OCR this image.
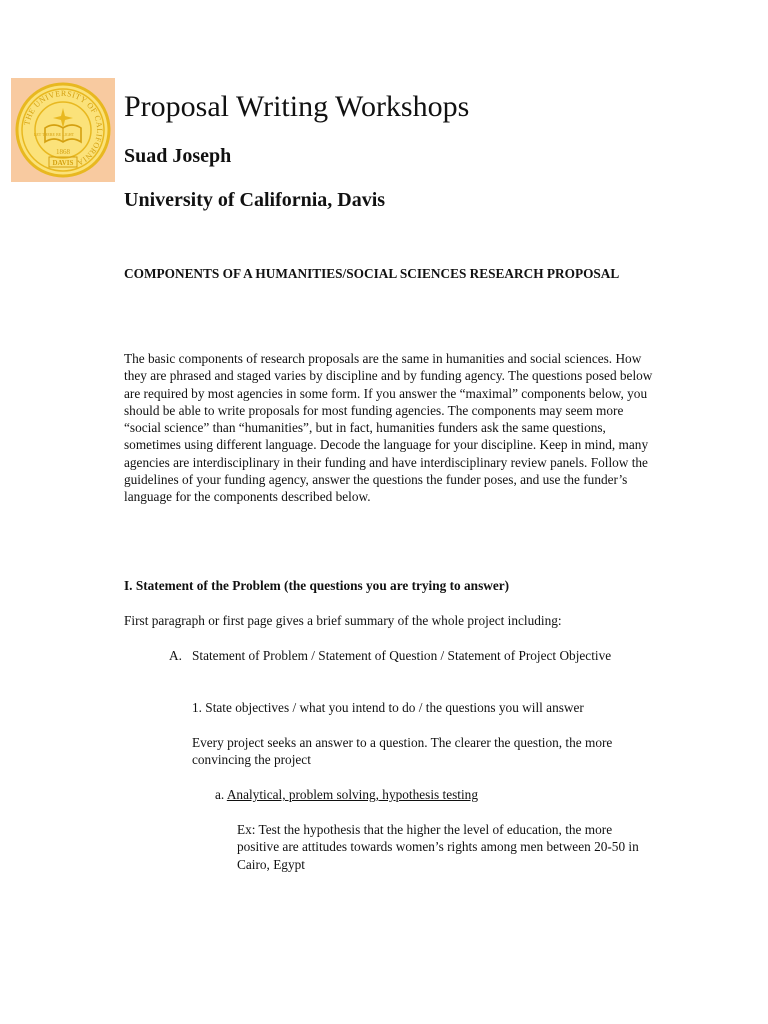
THE UNIVERSITY OF CALIFORNIA
LET THERE BE LIGHT
1868
DAVIS
Proposal Writing Workshops
Suad Joseph
University of California, Davis
COMPONENTS OF A HUMANITIES/SOCIAL SCIENCES RESEARCH PROPOSAL
The basic components of research proposals are the same in humanities and social sciences. How they are phrased and staged varies by discipline and by funding agency. The questions posed below are required by most agencies in some form. If you answer the “maximal” components below, you should be able to write proposals for most funding agencies. The components may seem more “social science” than “humanities”, but in fact, humanities funders ask the same questions, sometimes using different language. Decode the language for your discipline. Keep in mind, many agencies are interdisciplinary in their funding and have interdisciplinary review panels. Follow the guidelines of your funding agency, answer the questions the funder poses, and use the funder’s language for the components described below.
I. Statement of the Problem (the questions you are trying to answer)
First paragraph or first page gives a brief summary of the whole project including:
A. Statement of Problem / Statement of Question / Statement of Project Objective
1. State objectives / what you intend to do / the questions you will answer
Every project seeks an answer to a question. The clearer the question, the more convincing the project
a. Analytical, problem solving, hypothesis testing
Ex: Test the hypothesis that the higher the level of education, the more positive are attitudes towards women’s rights among men between 20-50 in Cairo, Egypt
